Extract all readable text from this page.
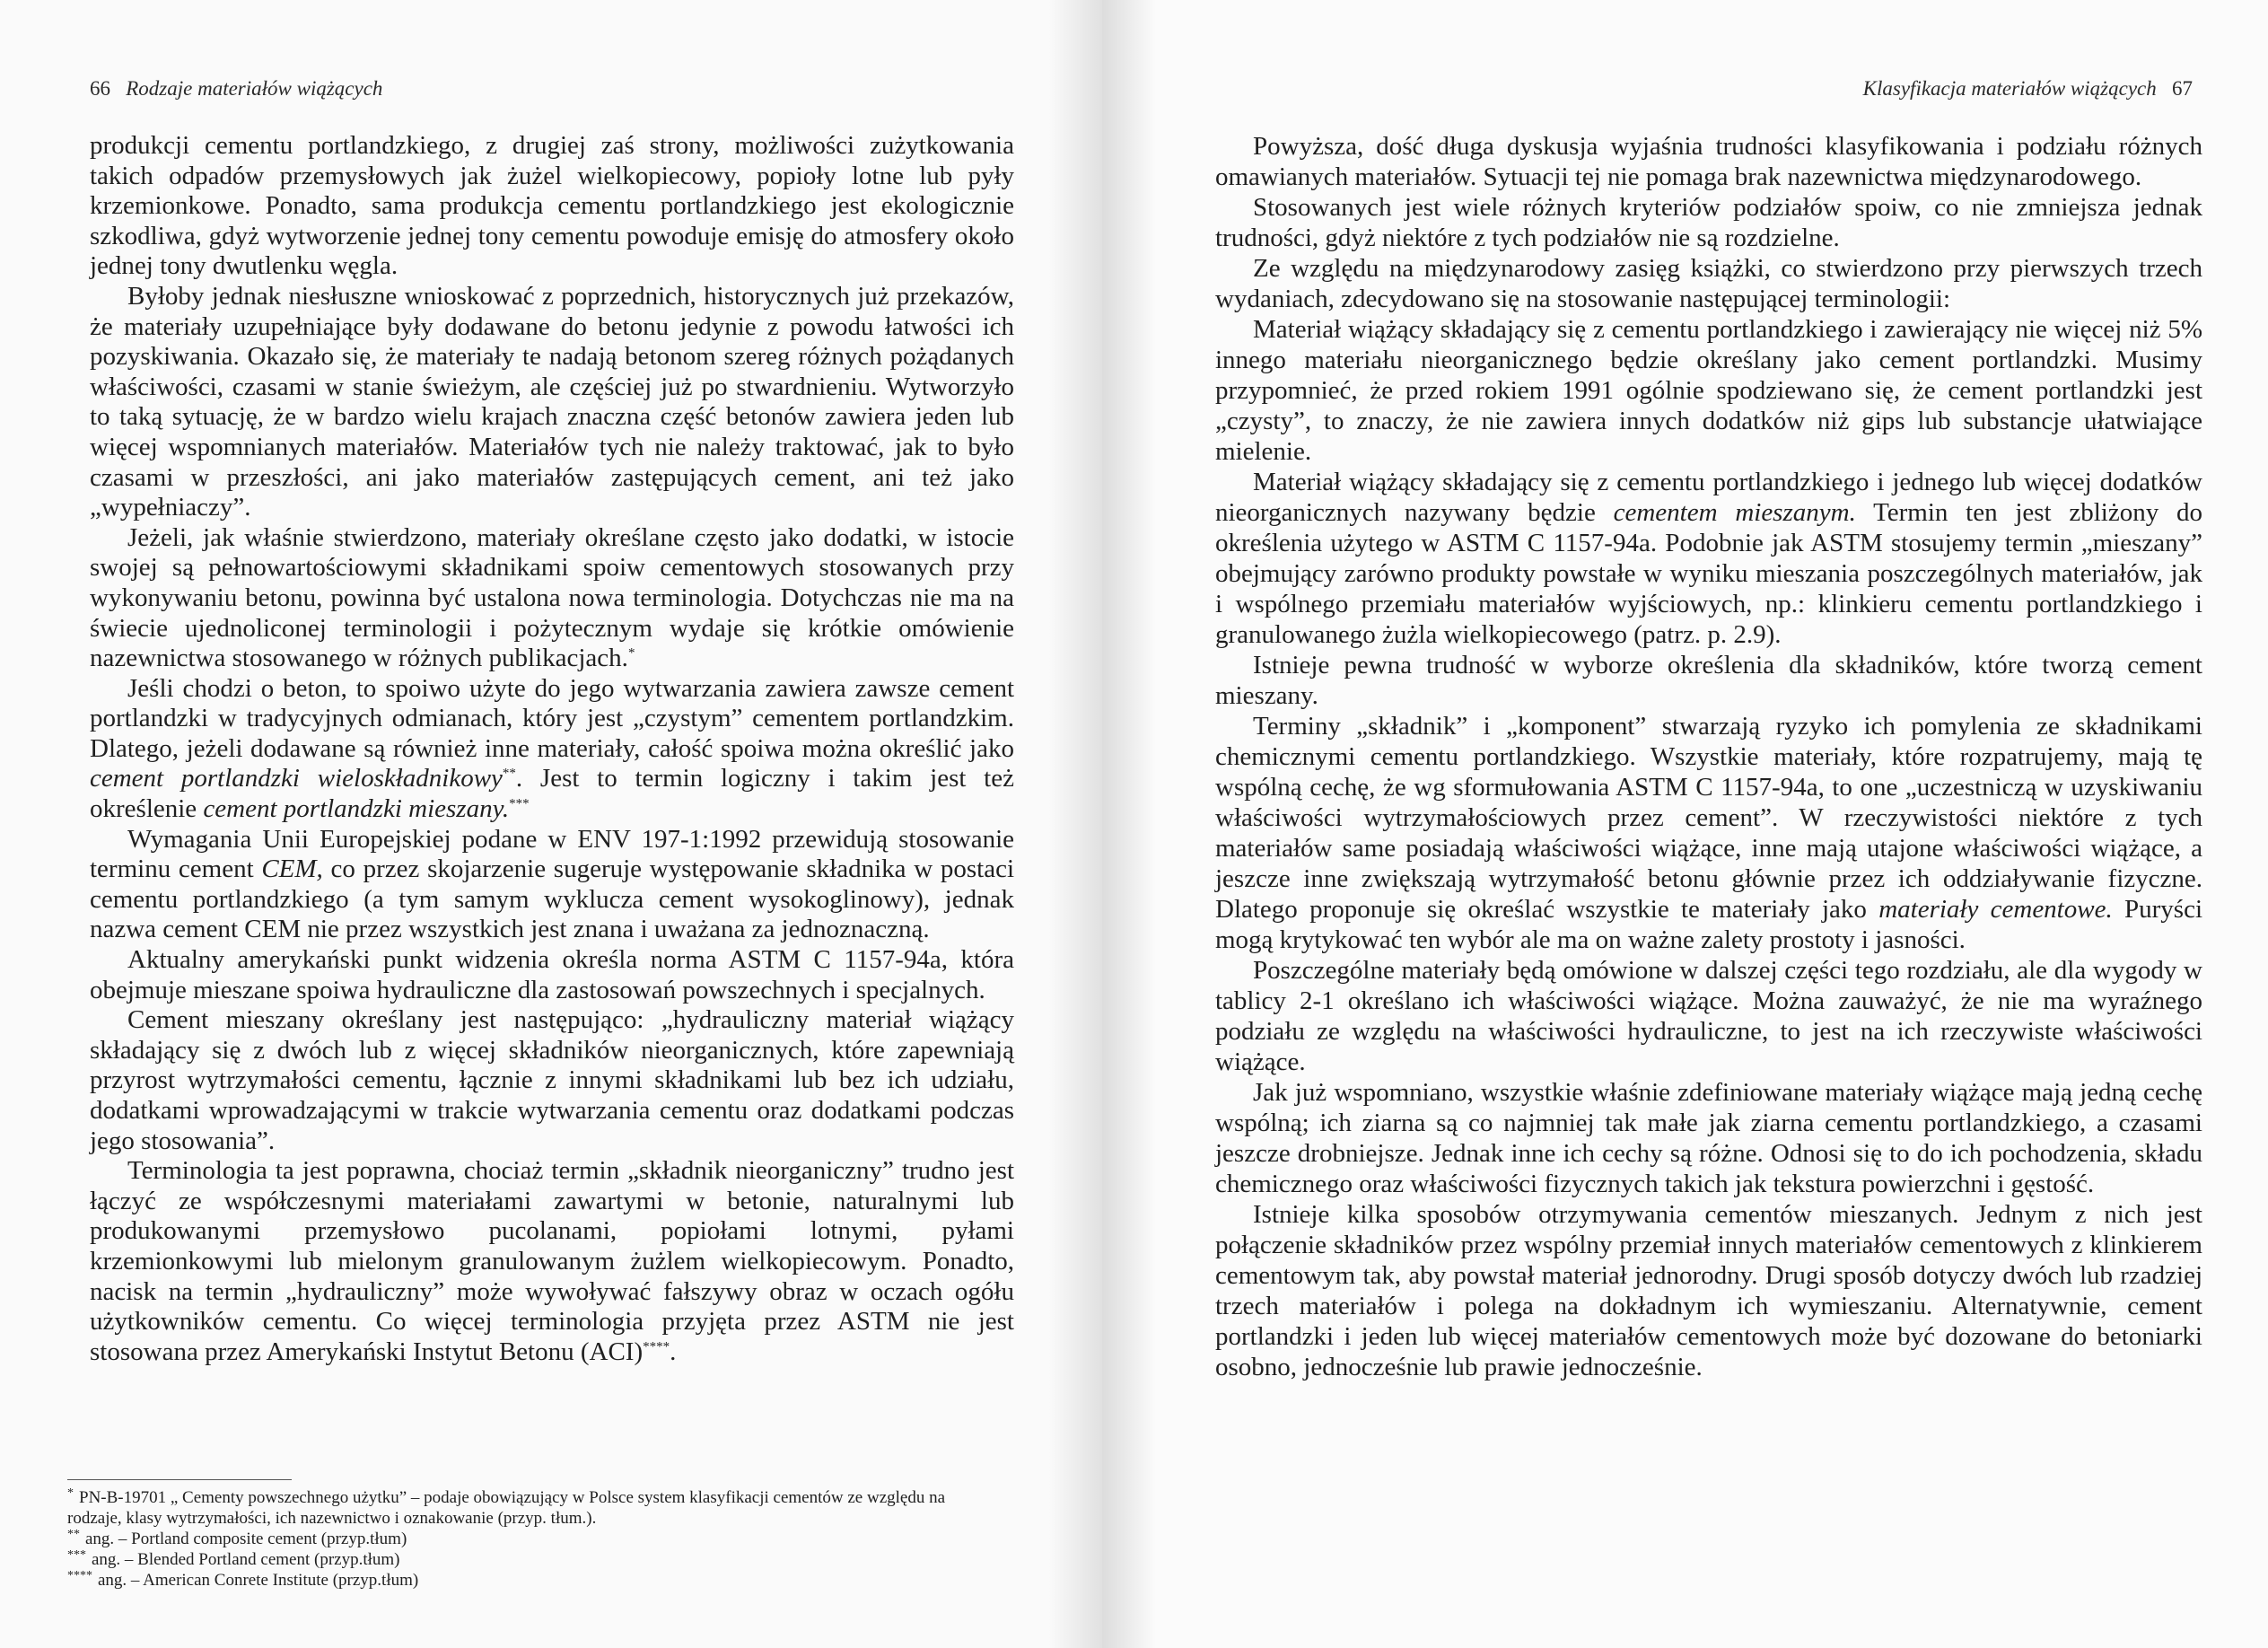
66 Rodzaje materiałów wiążących

produkcji cementu portlandzkiego, z drugiej zaś strony, możliwości zużytkowania takich odpadów przemysłowych jak żużel wielkopiecowy, popioły lotne lub pyły krzemionkowe. Ponadto, sama produkcja cementu portlandzkiego jest ekologicznie szkodliwa, gdyż wytworzenie jednej tony cementu powoduje emisję do atmosfery około jednej tony dwutlenku węgla.

Byłoby jednak niesłuszne wnioskować z poprzednich, historycznych już przekazów, że materiały uzupełniające były dodawane do betonu jedynie z powodu łatwości ich pozyskiwania. Okazało się, że materiały te nadają betonom szereg różnych pożądanych właściwości, czasami w stanie świeżym, ale częściej już po stwardnieniu. Wytworzyło to taką sytuację, że w bardzo wielu krajach znaczna część betonów zawiera jeden lub więcej wspomnianych materiałów. Materiałów tych nie należy traktować, jak to było czasami w przeszłości, ani jako materiałów zastępujących cement, ani też jako „wypełniaczy”.

Jeżeli, jak właśnie stwierdzono, materiały określane często jako dodatki, w istocie swojej są pełnowartościowymi składnikami spoiw cementowych stosowanych przy wykonywaniu betonu, powinna być ustalona nowa terminologia. Dotychczas nie ma na świecie ujednoliconej terminologii i pożytecznym wydaje się krótkie omówienie nazewnictwa stosowanego w różnych publikacjach.*

Jeśli chodzi o beton, to spoiwo użyte do jego wytwarzania zawiera zawsze cement portlandzki w tradycyjnych odmianach, który jest „czystym” cementem portlandzkim. Dlatego, jeżeli dodawane są również inne materiały, całość spoiwa można określić jako cement portlandzki wieloskładnikowy**. Jest to termin logiczny i takim jest też określenie cement portlandzki mieszany.***

Wymagania Unii Europejskiej podane w ENV 197-1:1992 przewidują stosowanie terminu cement CEM, co przez skojarzenie sugeruje występowanie składnika w postaci cementu portlandzkiego (a tym samym wyklucza cement wysokoglinowy), jednak nazwa cement CEM nie przez wszystkich jest znana i uważana za jednoznaczną.

Aktualny amerykański punkt widzenia określa norma ASTM C 1157-94a, która obejmuje mieszane spoiwa hydrauliczne dla zastosowań powszechnych i specjalnych.

Cement mieszany określany jest następująco: „hydrauliczny materiał wiążący składający się z dwóch lub z więcej składników nieorganicznych, które zapewniają przyrost wytrzymałości cementu, łącznie z innymi składnikami lub bez ich udziału, dodatkami wprowadzającymi w trakcie wytwarzania cementu oraz dodatkami podczas jego stosowania”.

Terminologia ta jest poprawna, chociaż termin „składnik nieorganiczny” trudno jest łączyć ze współczesnymi materiałami zawartymi w betonie, naturalnymi lub produkowanymi przemysłowo pucolanami, popiołami lotnymi, pyłami krzemionkowymi lub mielonym granulowanym żużlem wielkopiecowym. Ponadto, nacisk na termin „hydrauliczny” może wywoływać fałszywy obraz w oczach ogółu użytkowników cementu. Co więcej terminologia przyjęta przez ASTM nie jest stosowana przez Amerykański Instytut Betonu (ACI)****.

* PN-B-19701 „ Cementy powszechnego użytku” – podaje obowiązujący w Polsce system klasyfikacji cementów ze względu na rodzaje, klasy wytrzymałości, ich nazewnictwo i oznakowanie (przyp. tłum.).

** ang. – Portland composite cement (przyp.tłum)

*** ang. – Blended Portland cement (przyp.tłum)

**** ang. – American Conrete Institute (przyp.tłum)

Klasyfikacja materiałów wiążących 67

Powyższa, dość długa dyskusja wyjaśnia trudności klasyfikowania i podziału różnych omawianych materiałów. Sytuacji tej nie pomaga brak nazewnictwa międzynarodowego.

Stosowanych jest wiele różnych kryteriów podziałów spoiw, co nie zmniejsza jednak trudności, gdyż niektóre z tych podziałów nie są rozdzielne.

Ze względu na międzynarodowy zasięg książki, co stwierdzono przy pierwszych trzech wydaniach, zdecydowano się na stosowanie następującej terminologii:

Materiał wiążący składający się z cementu portlandzkiego i zawierający nie więcej niż 5% innego materiału nieorganicznego będzie określany jako cement portlandzki. Musimy przypomnieć, że przed rokiem 1991 ogólnie spodziewano się, że cement portlandzki jest „czysty”, to znaczy, że nie zawiera innych dodatków niż gips lub substancje ułatwiające mielenie.

Materiał wiążący składający się z cementu portlandzkiego i jednego lub więcej dodatków nieorganicznych nazywany będzie cementem mieszanym. Termin ten jest zbliżony do określenia użytego w ASTM C 1157-94a. Podobnie jak ASTM stosujemy termin „mieszany” obejmujący zarówno produkty powstałe w wyniku mieszania poszczególnych materiałów, jak i wspólnego przemiału materiałów wyjściowych, np.: klinkieru cementu portlandzkiego i granulowanego żużla wielkopiecowego (patrz. p. 2.9).

Istnieje pewna trudność w wyborze określenia dla składników, które tworzą cement mieszany.

Terminy „składnik” i „komponent” stwarzają ryzyko ich pomylenia ze składnikami chemicznymi cementu portlandzkiego. Wszystkie materiały, które rozpatrujemy, mają tę wspólną cechę, że wg sformułowania ASTM C 1157-94a, to one „uczestniczą w uzyskiwaniu właściwości wytrzymałościowych przez cement”. W rzeczywistości niektóre z tych materiałów same posiadają właściwości wiążące, inne mają utajone właściwości wiążące, a jeszcze inne zwiększają wytrzymałość betonu głównie przez ich oddziaływanie fizyczne. Dlatego proponuje się określać wszystkie te materiały jako materiały cementowe. Puryści mogą krytykować ten wybór ale ma on ważne zalety prostoty i jasności.

Poszczególne materiały będą omówione w dalszej części tego rozdziału, ale dla wygody w tablicy 2-1 określano ich właściwości wiążące. Można zauważyć, że nie ma wyraźnego podziału ze względu na właściwości hydrauliczne, to jest na ich rzeczywiste właściwości wiążące.

Jak już wspomniano, wszystkie właśnie zdefiniowane materiały wiążące mają jedną cechę wspólną; ich ziarna są co najmniej tak małe jak ziarna cementu portlandzkiego, a czasami jeszcze drobniejsze. Jednak inne ich cechy są różne. Odnosi się to do ich pochodzenia, składu chemicznego oraz właściwości fizycznych takich jak tekstura powierzchni i gęstość.

Istnieje kilka sposobów otrzymywania cementów mieszanych. Jednym z nich jest połączenie składników przez wspólny przemiał innych materiałów cementowych z klinkierem cementowym tak, aby powstał materiał jednorodny. Drugi sposób dotyczy dwóch lub rzadziej trzech materiałów i polega na dokładnym ich wymieszaniu. Alternatywnie, cement portlandzki i jeden lub więcej materiałów cementowych może być dozowane do betoniarki osobno, jednocześnie lub prawie jednocześnie.
